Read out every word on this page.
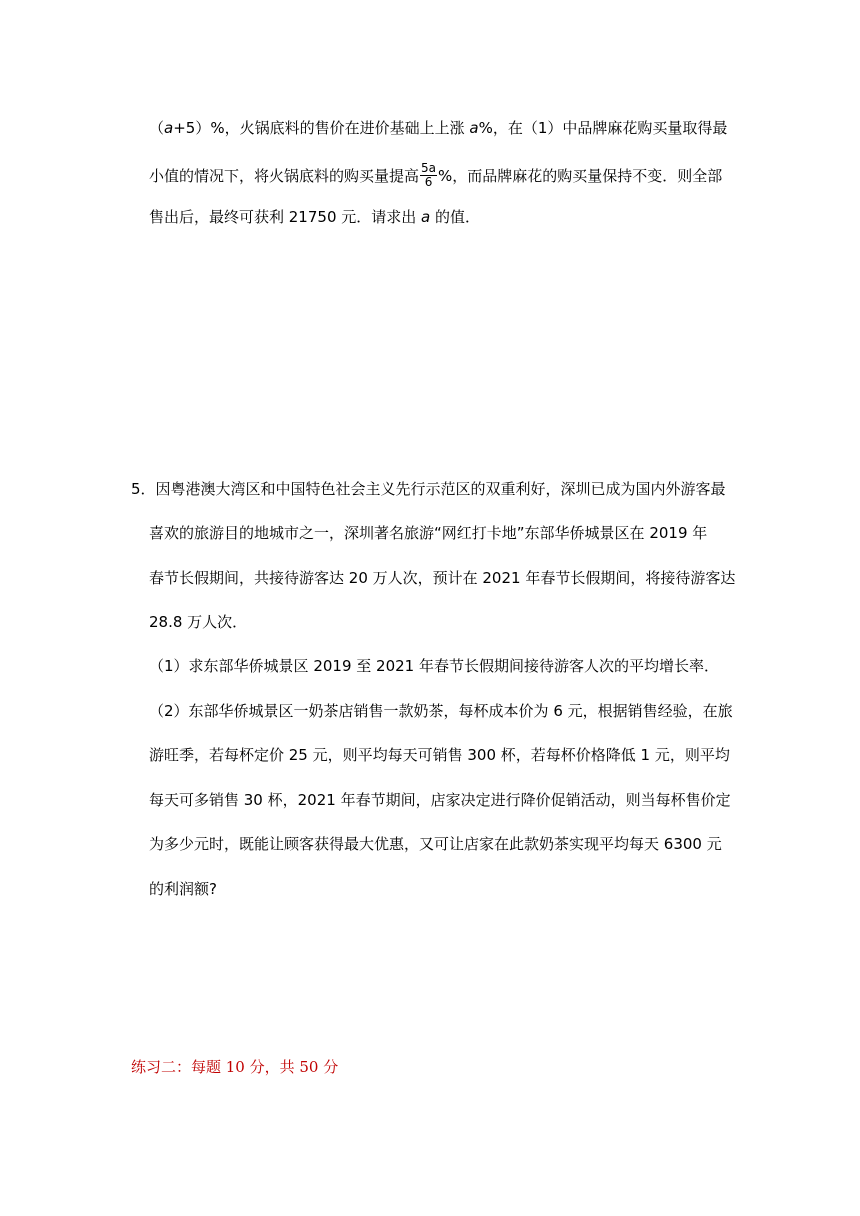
（a+5）%，火锅底料的售价在进价基础上上涨 a%，在（1）中品牌麻花购买量取得最
小值的情况下，将火锅底料的购买量提高 $\frac{5a}{6}$ %，而品牌麻花的购买量保持不变．则全部
售出后，最终可获利 21750 元．请求出 a 的值．
5．因粤港澳大湾区和中国特色社会主义先行示范区的双重利好，深圳已成为国内外游客最
喜欢的旅游目的地城市之一，深圳著名旅游“网红打卡地”东部华侨城景区在 2019 年
春节长假期间，共接待游客达 20 万人次，预计在 2021 年春节长假期间，将接待游客达
28.8 万人次．
（1）求东部华侨城景区 2019 至 2021 年春节长假期间接待游客人次的平均增长率．
（2）东部华侨城景区一奶茶店销售一款奶茶，每杯成本价为 6 元，根据销售经验，在旅
游旺季，若每杯定价 25 元，则平均每天可销售 300 杯，若每杯价格降低 1 元，则平均
每天可多销售 30 杯，2021 年春节期间，店家决定进行降价促销活动，则当每杯售价定
为多少元时，既能让顾客获得最大优惠，又可让店家在此款奶茶实现平均每天 6300 元
的利润额?
练习二：每题 10 分，共 50 分
